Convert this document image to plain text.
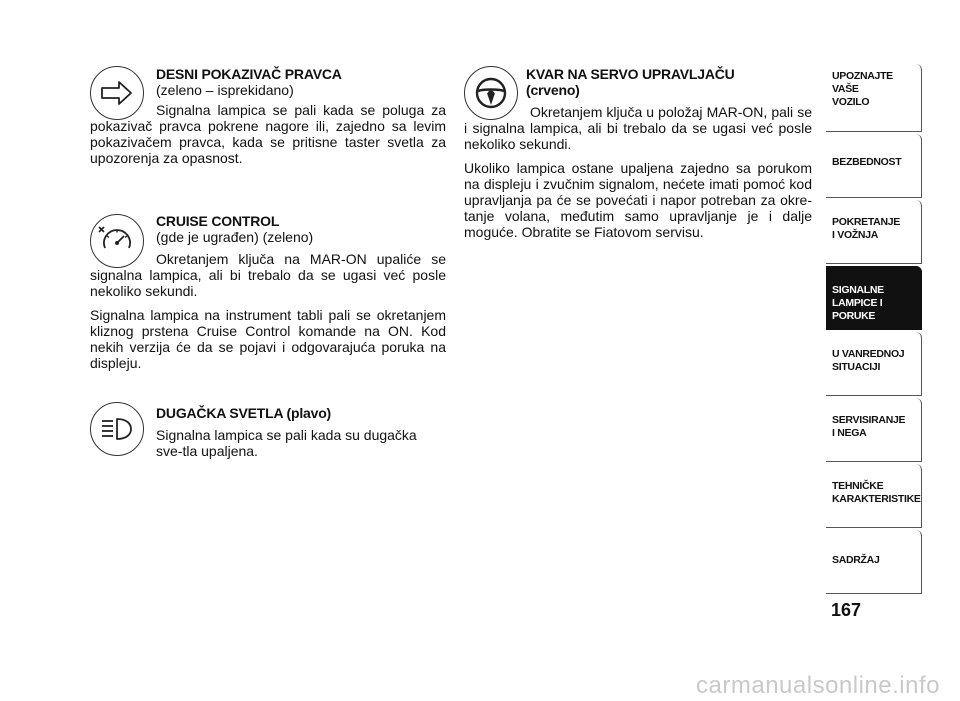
DESNI POKAZIVAČ PRAVCA
(zeleno – isprekidano)

Signalna lampica se pali kada se poluga za pokazivač pravca pokrene nagore ili, zajedno sa levim pokazivačem pravca, kada se pritisne taster svetla za upozorenja za opasnost.

CRUISE CONTROL
(gde je ugrađen) (zeleno)

Okretanjem ključa na MAR-ON upaliće se signalna lampica, ali bi trebalo da se ugasi već posle nekoliko sekundi.

Signalna lampica na instrument tabli pali se okretanjem kliznog prstena Cruise Control komande na ON. Kod nekih verzija će da se pojavi i odgovarajuća poruka na displeju.

DUGAČKA SVETLA (plavo)

Signalna lampica se pali kada su dugačka sve-tla upaljena.

KVAR NA SERVO UPRAVLJAČU
(crveno)

Okretanjem ključa u položaj MAR-ON, pali se i signalna lampica, ali bi trebalo da se ugasi već posle nekoliko sekundi.

Ukoliko lampica ostane upaljena zajedno sa porukom na displeju i zvučnim signalom, nećete imati pomoć kod upravljanja pa će se povećati i napor potreban za okre-tanje volana, međutim samo upravljanje je i dalje moguće. Obratite se Fiatovom servisu.

UPOZNAJTE
VAŠE
VOZILO
BEZBEDNOST
POKRETANJE
I VOŽNJA
SIGNALNE
LAMPICE I PORUKE
U VANREDNOJ
SITUACIJI
SERVISIRANJE
I NEGA
TEHNIČKE
KARAKTERISTIKE
SADRŽAJ
167
carmanualsonline.info
